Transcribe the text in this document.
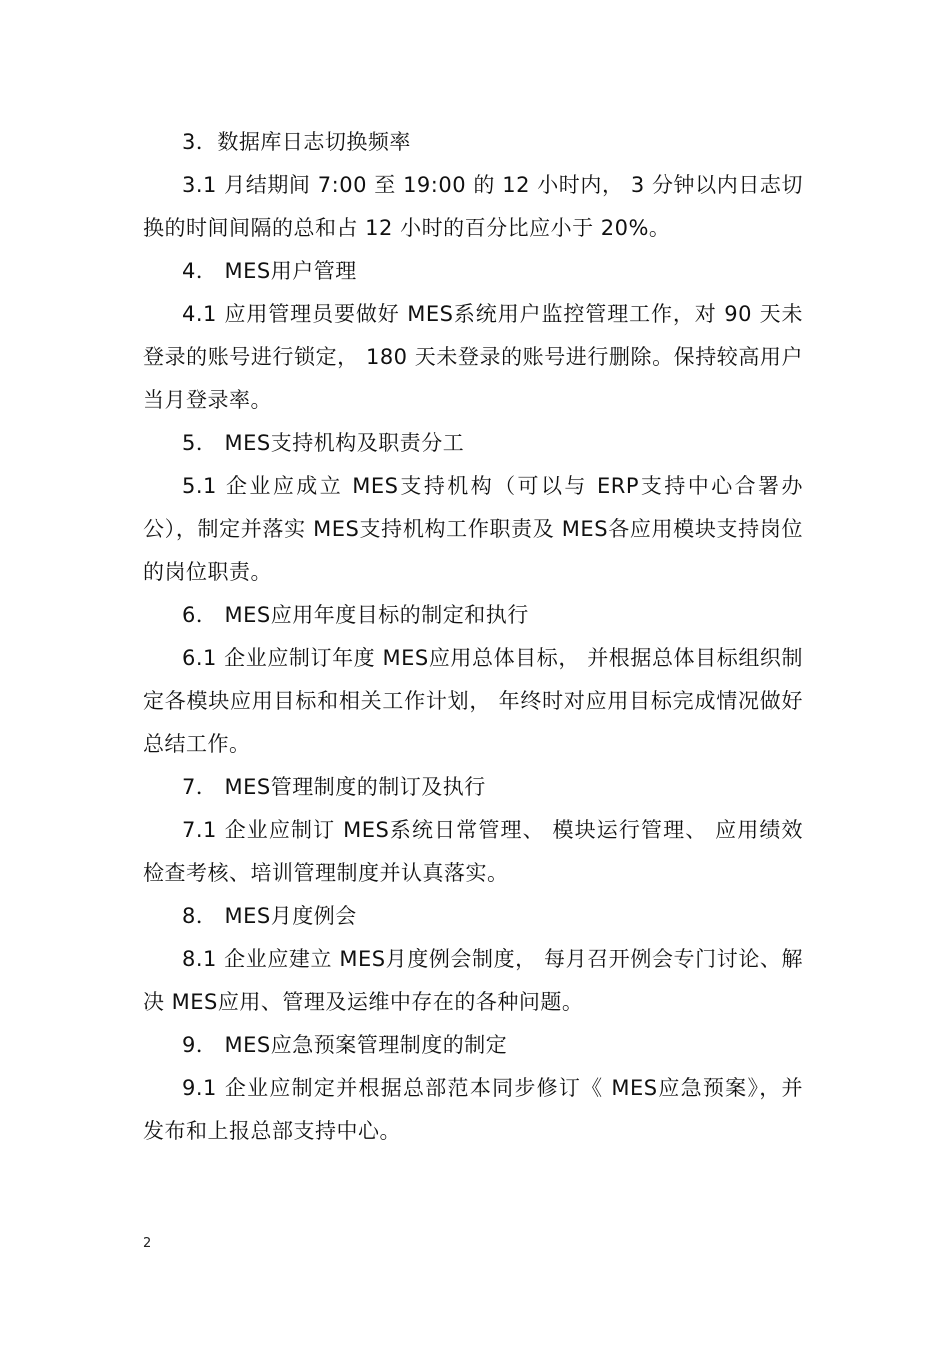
3．数据库日志切换频率

3.1 月结期间 7:00 至 19:00 的 12 小时内， 3 分钟以内日志切换的时间间隔的总和占 12 小时的百分比应小于 20%。

4． MES用户管理

4.1 应用管理员要做好 MES系统用户监控管理工作，对 90 天未登录的账号进行锁定， 180 天未登录的账号进行删除。保持较高用户当月登录率。

5． MES支持机构及职责分工

5.1 企业应成立 MES支持机构（可以与 ERP支持中心合署办公），制定并落实 MES支持机构工作职责及 MES各应用模块支持岗位的岗位职责。

6． MES应用年度目标的制定和执行

6.1 企业应制订年度 MES应用总体目标， 并根据总体目标组织制定各模块应用目标和相关工作计划， 年终时对应用目标完成情况做好总结工作。

7． MES管理制度的制订及执行

7.1 企业应制订 MES系统日常管理、 模块运行管理、 应用绩效检查考核、培训管理制度并认真落实。

8． MES月度例会

8.1 企业应建立 MES月度例会制度， 每月召开例会专门讨论、解决 MES应用、管理及运维中存在的各种问题。

9． MES应急预案管理制度的制定

9.1 企业应制定并根据总部范本同步修订《 MES应急预案》，并发布和上报总部支持中心。

2
